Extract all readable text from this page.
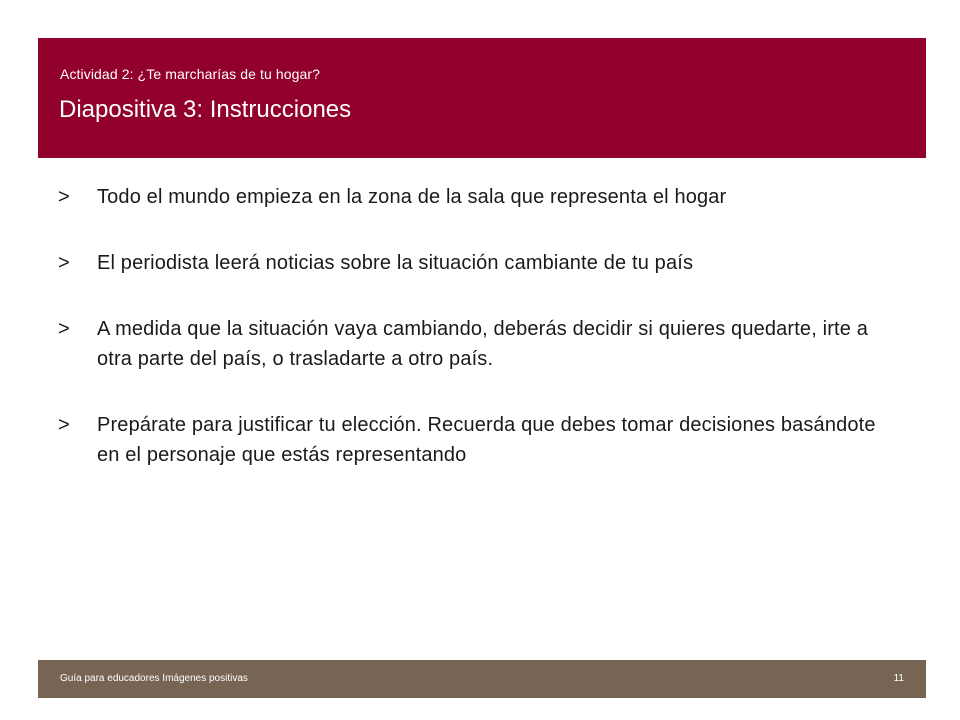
Actividad 2: ¿Te marcharías de tu hogar?
Diapositiva 3: Instrucciones
>	Todo el mundo empieza en la zona de la sala que representa el hogar
>	El periodista leerá noticias sobre la situación cambiante de tu país
>	A medida que la situación vaya cambiando, deberás decidir si quieres quedarte, irte a otra parte del país, o trasladarte a otro país.
>	Prepárate para justificar tu elección. Recuerda que debes tomar decisiones basándote en el personaje que estás representando
Guía para educadores Imágenes positivas	11
